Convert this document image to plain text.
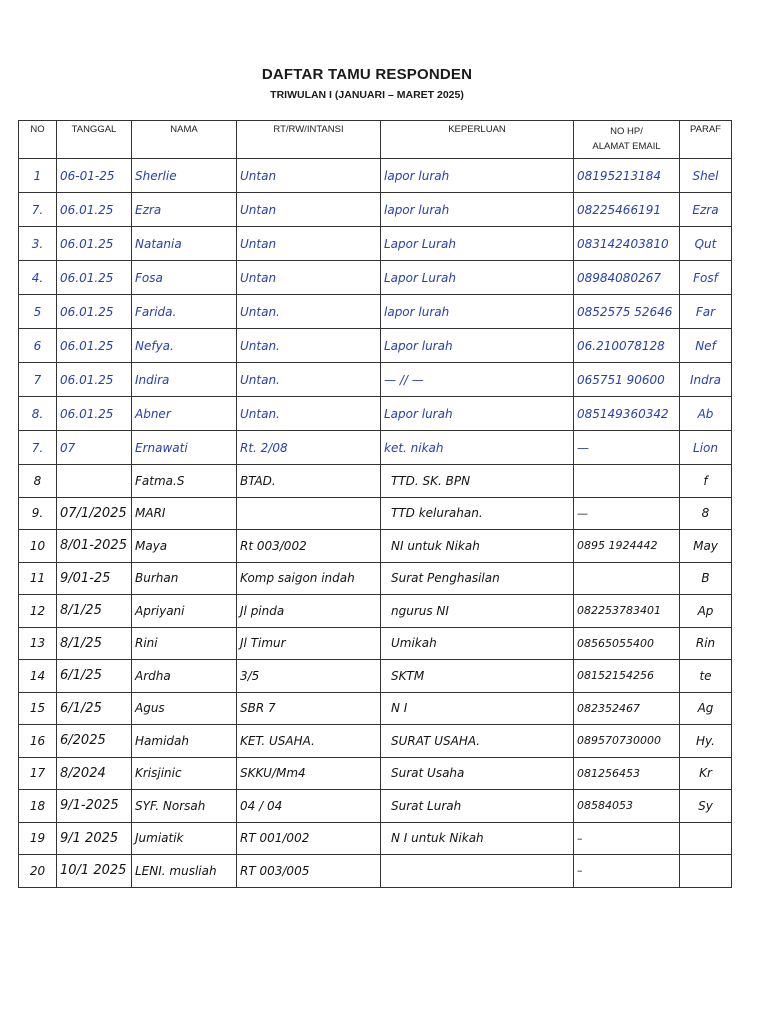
DAFTAR TAMU RESPONDEN
TRIWULAN I (JANUARI – MARET 2025)
NO	TANGGAL	NAMA	RT/RW/INTANSI	KEPERLUAN	NO HP/
ALAMAT EMAIL	PARAF
1	06-01-25	Sherlie	Untan	lapor lurah	08195213184	Shel
7.	06.01.25	Ezra	Untan	lapor lurah	08225466191	Ezra
3.	06.01.25	Natania	Untan	Lapor Lurah	083142403810	Qut
4.	06.01.25	Fosa	Untan	Lapor Lurah	08984080267	Fosf
5	06.01.25	Farida.	Untan.	lapor lurah	0852575 52646	Far
6	06.01.25	Nefya.	Untan.	Lapor lurah	06.210078128	Nef
7	06.01.25	Indira	Untan.	— // —	065751 90600	Indra
8.	06.01.25	Abner	Untan.	Lapor lurah	085149360342	Ab
7.	07	Ernawati	Rt. 2/08	ket. nikah	—	Lion
8		Fatma.S	BTAD.	TTD. SK. BPN		f
9.	07/1/2025	MARI		TTD kelurahan.	—	8
10	8/01-2025	Maya	Rt 003/002	NI untuk Nikah	0895 1924442	May
11	9/01-25	Burhan	Komp saigon indah	Surat Penghasilan		B
12	8/1/25	Apriyani	Jl pinda	ngurus NI	082253783401	Ap
13	8/1/25	Rini	Jl Timur	Umikah	08565055400	Rin
14	6/1/25	Ardha	3/5	SKTM	08152154256	te
15	6/1/25	Agus	SBR 7	N I	082352467	Ag
16	6/2025	Hamidah	KET. USAHA.	SURAT USAHA.	089570730000	Hy.
17	8/2024	Krisjinic	SKKU/Mm4	Surat Usaha	081256453	Kr
18	9/1-2025	SYF. Norsah	04 / 04	Surat Lurah	08584053	Sy
19	9/1 2025	Jumiatik	RT 001/002	N I untuk Nikah	–	
20	10/1 2025	LENI. musliah	RT 003/005		–	
